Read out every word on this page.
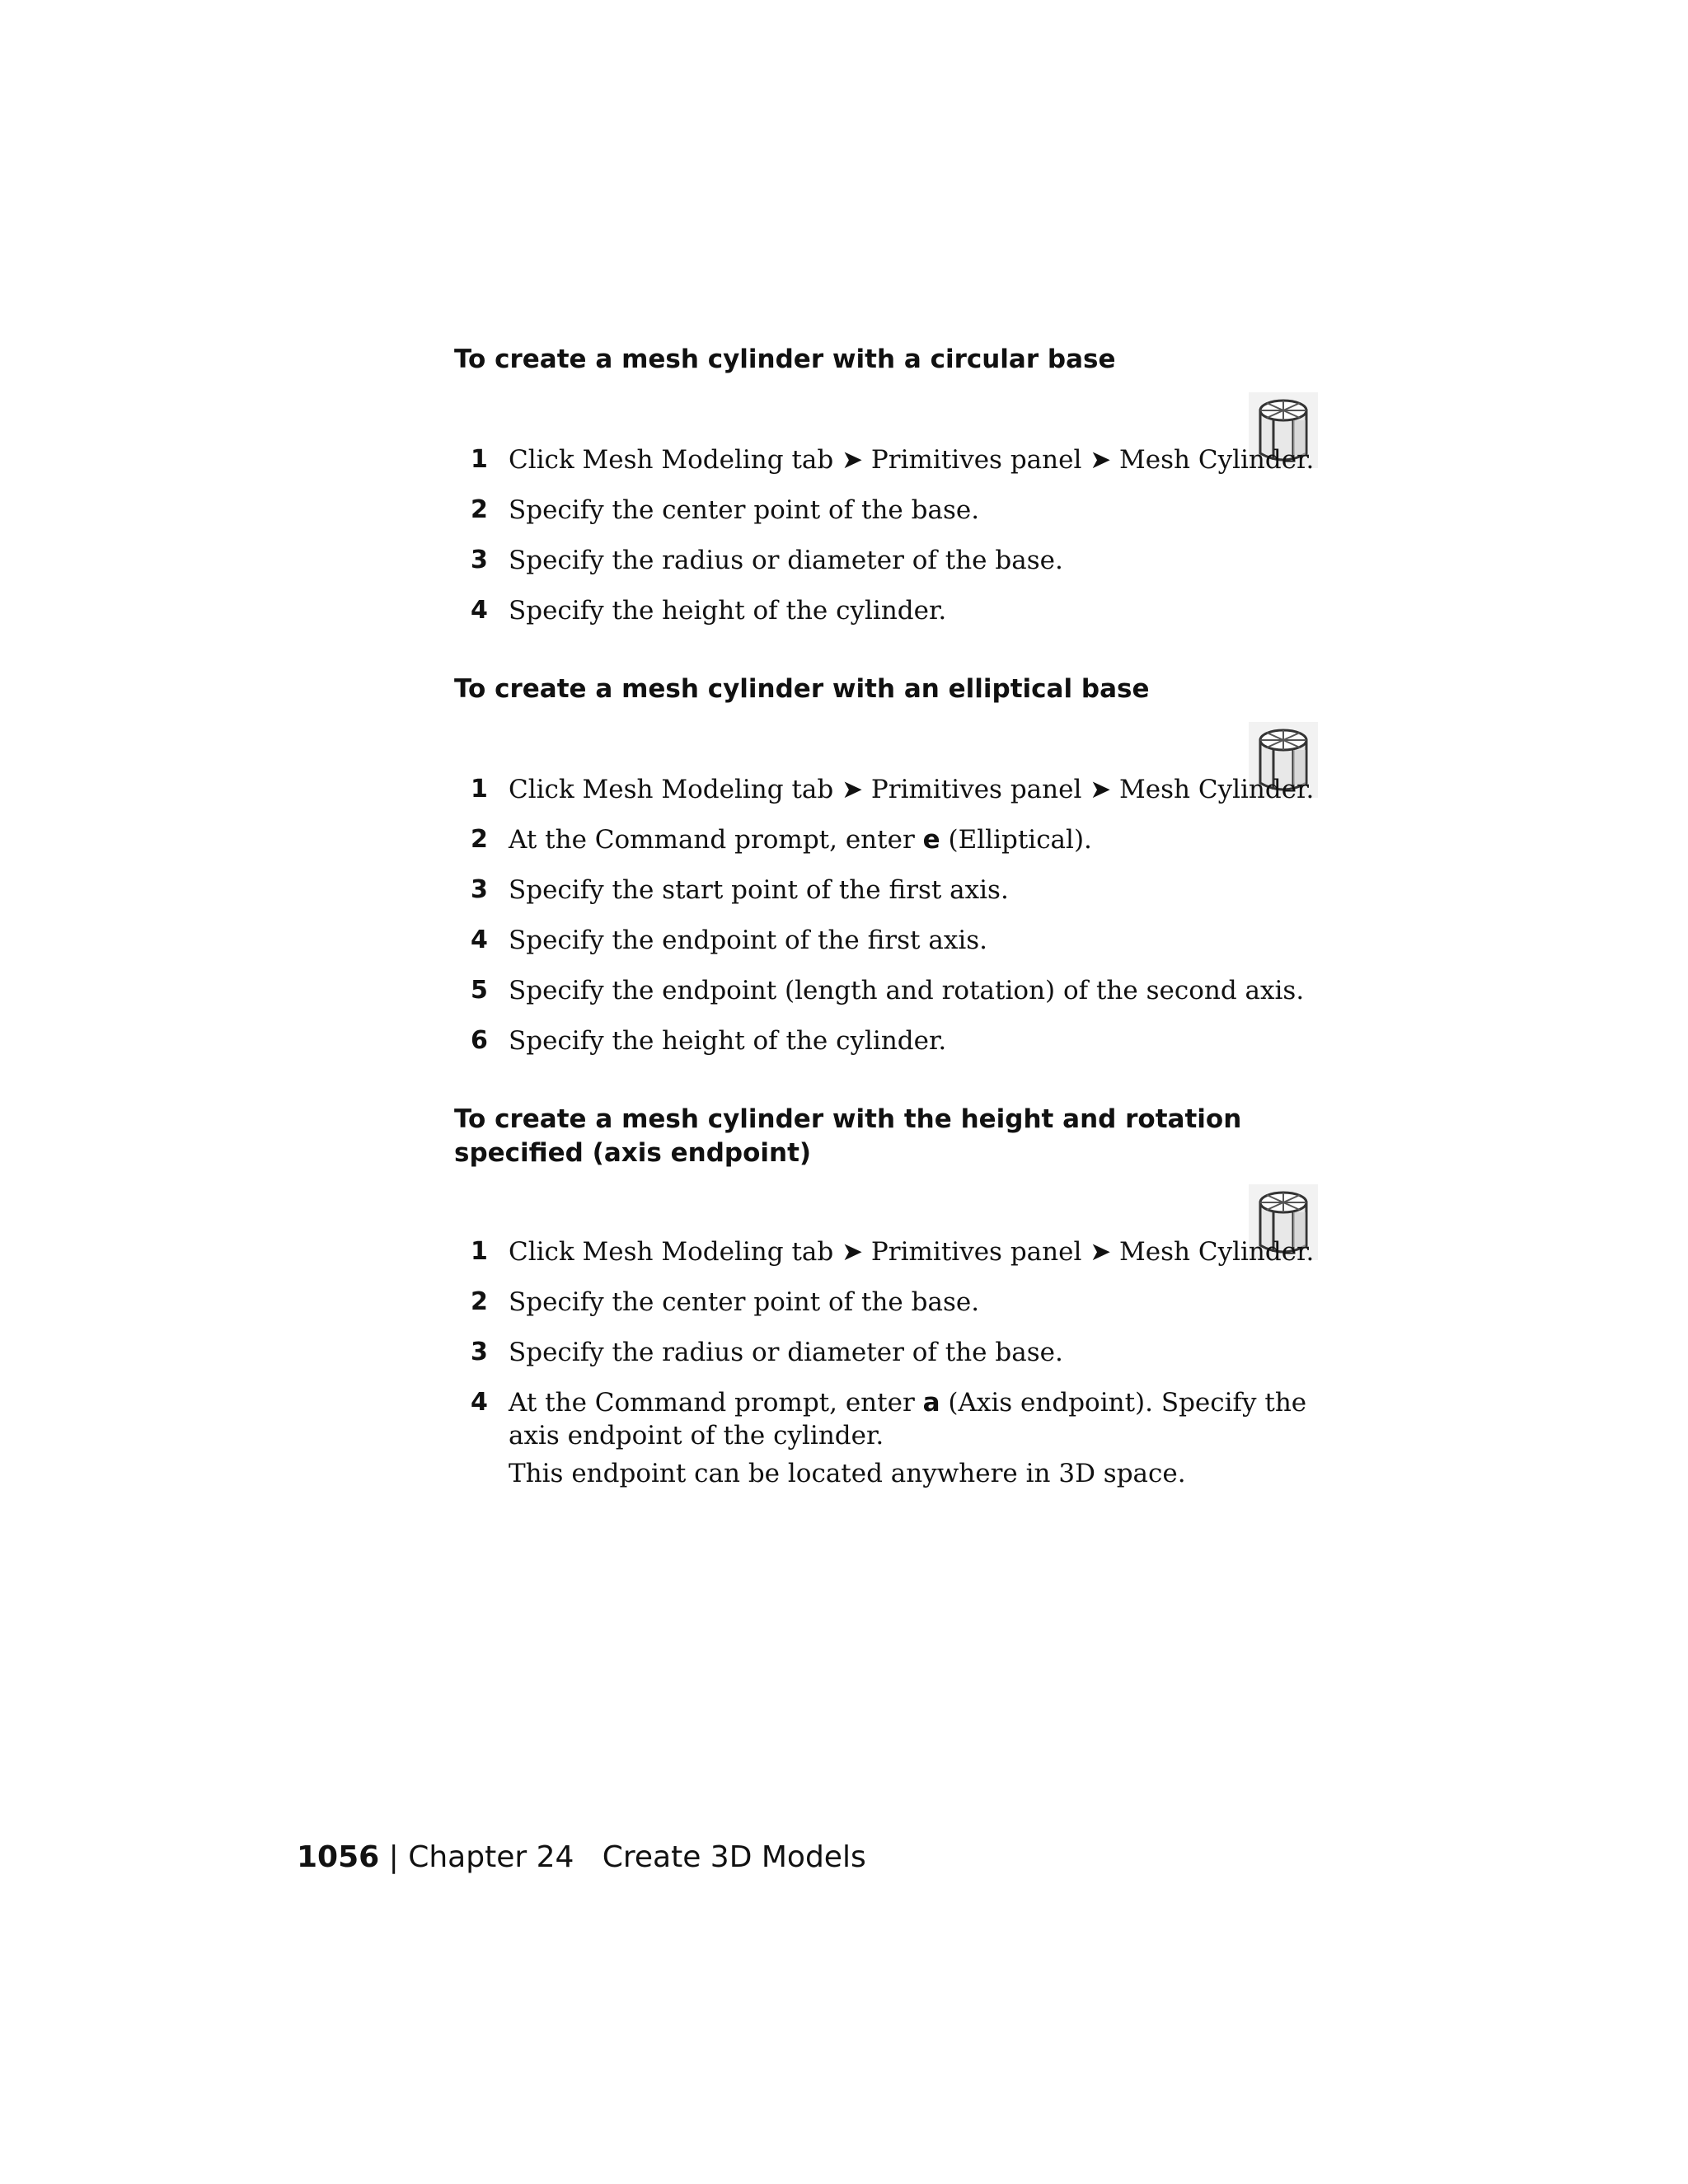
To create a mesh cylinder with a circular base
1 Click Mesh Modeling tab ➤ Primitives panel ➤ Mesh Cylinder.
2 Specify the center point of the base.
3 Specify the radius or diameter of the base.
4 Specify the height of the cylinder.
To create a mesh cylinder with an elliptical base
1 Click Mesh Modeling tab ➤ Primitives panel ➤ Mesh Cylinder.
2 At the Command prompt, enter e (Elliptical).
3 Specify the start point of the first axis.
4 Specify the endpoint of the first axis.
5 Specify the endpoint (length and rotation) of the second axis.
6 Specify the height of the cylinder.
To create a mesh cylinder with the height and rotation specified (axis endpoint)
1 Click Mesh Modeling tab ➤ Primitives panel ➤ Mesh Cylinder.
2 Specify the center point of the base.
3 Specify the radius or diameter of the base.
4 At the Command prompt, enter a (Axis endpoint). Specify the axis endpoint of the cylinder.
This endpoint can be located anywhere in 3D space.
1056 | Chapter 24   Create 3D Models
